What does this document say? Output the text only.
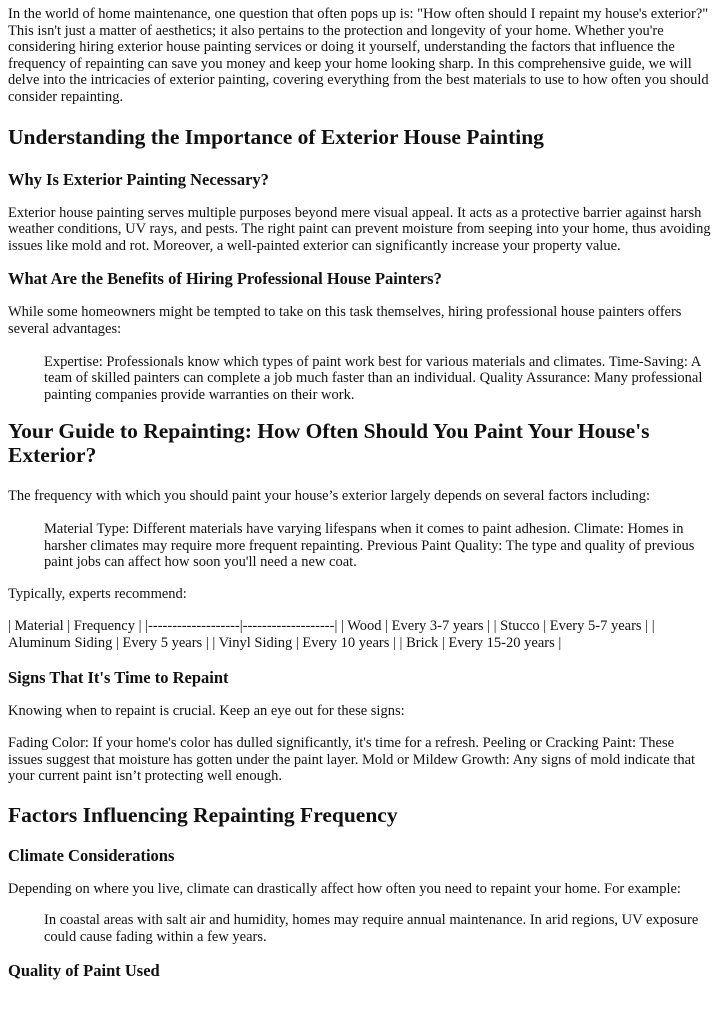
In the world of home maintenance, one question that often pops up is: "How often should I repaint my house's exterior?" This isn't just a matter of aesthetics; it also pertains to the protection and longevity of your home. Whether you're considering hiring exterior house painting services or doing it yourself, understanding the factors that influence the frequency of repainting can save you money and keep your home looking sharp. In this comprehensive guide, we will delve into the intricacies of exterior painting, covering everything from the best materials to use to how often you should consider repainting.

Understanding the Importance of Exterior House Painting
Why Is Exterior Painting Necessary?

Exterior house painting serves multiple purposes beyond mere visual appeal. It acts as a protective barrier against harsh weather conditions, UV rays, and pests. The right paint can prevent moisture from seeping into your home, thus avoiding issues like mold and rot. Moreover, a well-painted exterior can significantly increase your property value.

What Are the Benefits of Hiring Professional House Painters?

While some homeowners might be tempted to take on this task themselves, hiring professional house painters offers several advantages:

Expertise: Professionals know which types of paint work best for various materials and climates. Time-Saving: A team of skilled painters can complete a job much faster than an individual. Quality Assurance: Many professional painting companies provide warranties on their work.
Your Guide to Repainting: How Often Should You Paint Your House's Exterior?

The frequency with which you should paint your house’s exterior largely depends on several factors including:

Material Type: Different materials have varying lifespans when it comes to paint adhesion. Climate: Homes in harsher climates may require more frequent repainting. Previous Paint Quality: The type and quality of previous paint jobs can affect how soon you'll need a new coat.

Typically, experts recommend:

| Material | Frequency | |-------------------|-------------------| | Wood | Every 3-7 years | | Stucco | Every 5-7 years | | Aluminum Siding | Every 5 years | | Vinyl Siding | Every 10 years | | Brick | Every 15-20 years |

Signs That It's Time to Repaint

Knowing when to repaint is crucial. Keep an eye out for these signs:

Fading Color: If your home's color has dulled significantly, it's time for a refresh. Peeling or Cracking Paint: These issues suggest that moisture has gotten under the paint layer. Mold or Mildew Growth: Any signs of mold indicate that your current paint isn’t protecting well enough.

Factors Influencing Repainting Frequency
Climate Considerations

Depending on where you live, climate can drastically affect how often you need to repaint your home. For example:

In coastal areas with salt air and humidity, homes may require annual maintenance. In arid regions, UV exposure could cause fading within a few years.
Quality of Paint Used
